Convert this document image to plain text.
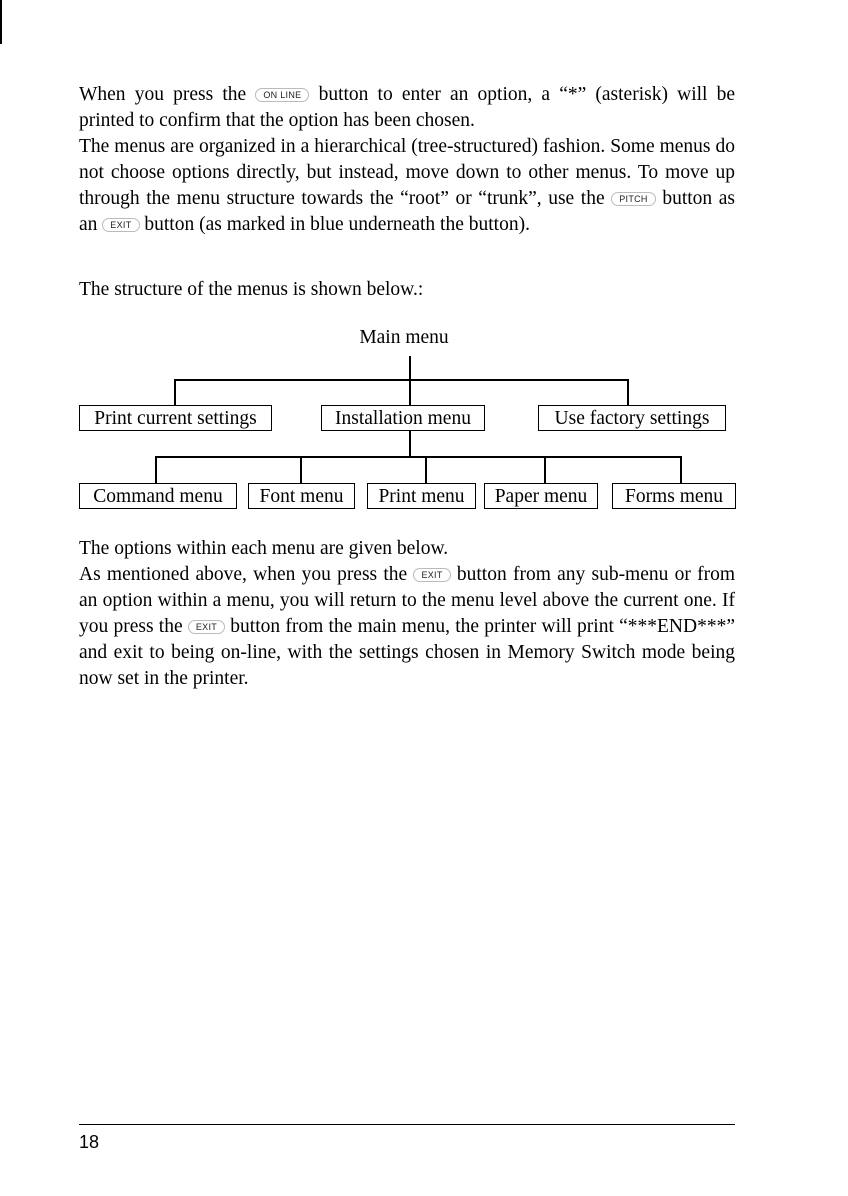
When you press the ON LINE button to enter an option, a “*” (asterisk) will be printed to confirm that the option has been chosen.

The menus are organized in a hierarchical (tree-structured) fashion. Some menus do not choose options directly, but instead, move down to other menus. To move up through the menu structure towards the “root” or “trunk”, use the PITCH button as an EXIT button (as marked in blue underneath the button).

The structure of the menus is shown below.:

Main menu
Print current settings	Installation menu	Use factory settings
Command menu	Font menu	Print menu	Paper menu	Forms menu

The options within each menu are given below.

As mentioned above, when you press the EXIT button from any sub-menu or from an option within a menu, you will return to the menu level above the current one. If you press the EXIT button from the main menu, the printer will print “***END***” and exit to being on-line, with the settings chosen in Memory Switch mode being now set in the printer.

18
